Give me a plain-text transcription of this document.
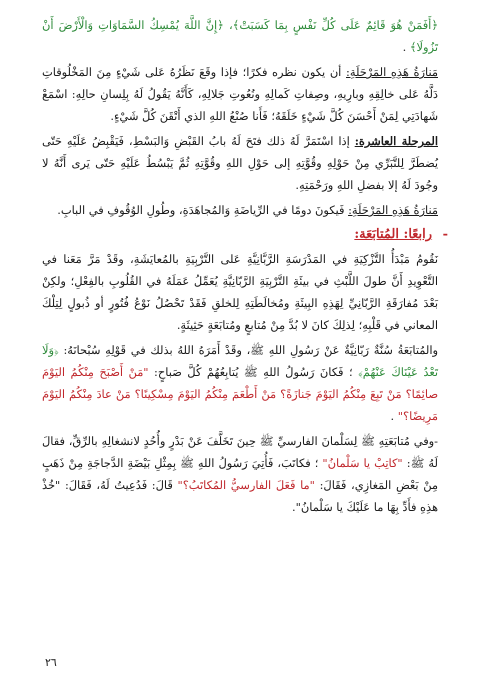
﴿أَفَمَنْ هُوَ قَائِمٌ عَلَى كُلِّ نَفْسٍ بِمَا كَسَبَتْ﴾، ﴿إِنَّ اللَّهَ يُمْسِكُ السَّمَاوَاتِ وَالْأَرْضَ أَنْ تَزُولَا﴾ .

مَنارَةُ هَذِهِ المَرْحَلَةِ: أن يكون نظره فكرًا؛ فإذا وقَعَ نَظَرُهُ عَلى شَيْءٍ مِنَ المَخْلُوقاتِ دَلَّهُ عَلى خالِقِهِ وبارِيهِ، وصِفاتِ كَمالِهِ ونُعُوتِ جَلالِهِ، كَأَنَّهُ يَقُولُ لَهُ بِلِسانِ حالِهِ: اسْمَعْ شَهادَتِي لِمَنْ أَحْسَنَ كُلَّ شَيْءٍ خَلَقَهُ؛ فَأَنا صُنْعُ اللهِ الذي أَتْقَنَ كُلَّ شَيْءٍ.

المرحلة العاشرة: إذا اسْتَمَرَّ لَهُ ذلك فتَحَ لَهُ بابُ القَبْضِ وَالبَسْطِ، فَيَقْبِضُ عَلَيْهِ حَتّى يُضطَرَّ لِلتَّبَرِّي مِنْ حَوْلِهِ وقُوَّتِهِ إلى حَوْلِ اللهِ وقُوَّتِهِ ثُمَّ يَبْسُطُ عَلَيْهِ حَتّى يَرى أَنَّهُ لا وجُودَ لَهُ إلا بفضلِ اللهِ ورَحْمَتِهِ.

مَنارَةُ هَذِهِ المَرْحَلَةِ: فَيكونَ دومًا في الرِّياضَةِ وَالمُجاهَدَةِ، وطُولِ الوُقُوفِ في البابِ.

- رابعًا: المُتابَعَة:

نَقُومُ مَبْدَأُ التَّزْكِيَةِ في المَدْرَسَةِ الرَّبَّانِيَّةِ عَلى التَّرْبِيَةِ بالمُعايَشَةِ، وقَدْ مَرَّ مَعَنا في التَّعْوِيدِ أَنَّ طولَ اللَّبْثِ في بيئَةِ التَّرْبِيَةِ الرَّبّانِيَّةِ يُعَمِّلُ عَمَلَهُ في القُلُوبِ بالفِعْلِ؛ ولكِنْ بَعْدَ مُفارَقَةِ الرَّبّانِيِّ لِهَذِهِ البِيئَةِ ومُخالَطَتِهِ لِلخلقِ فَقَدْ تَحْصُلُ نَوْعُ فُتُورٍ أو ذُبولٍ لِتِلْكَ المعاني في قَلْبِهِ؛ لِذلِكَ كانَ لا بُدَّ مِنْ مُتابعٍ ومُتابَعَةٍ حَثِيثَةٍ.

والمُتابَعَةُ سُنَّةٌ رَبّانِيَّةٌ عَنْ رَسُولِ اللهِ ﷺ، وقَدْ أَمَرَهُ اللهُ بذلك في قَوْلِهِ سُبْحانَهُ: ﴿وَلَا تَعْدُ عَيْنَاكَ عَنْهُمْ﴾ ؛ فَكانَ رَسُولُ اللهِ ﷺ يُتابِعُهُمْ كُلَّ صَباحٍ: "مَنْ أَصْبَحَ مِنْكُمُ اليَوْمَ صائِمًا؟ مَنْ تَبِعَ مِنْكُمُ اليَوْمَ جَنازَةً؟ مَنْ أَطْعَمَ مِنْكُمُ اليَوْمَ مِسْكِينًا؟ مَنْ عادَ مِنْكُمُ اليَوْمَ مَرِيضًا؟" .

-وفي مُتابَعَتِهِ ﷺ لِسَلْمانَ الفارسيِّ ﷺ حِينَ تَخَلَّفَ عَنْ بَدْرٍ وأُحُدٍ لانشغالِهِ بالرِّقِّ، فقالَ لَهُ ﷺ: "كاتِبْ يا سَلْمانُ" ؛ فكاتَبَ، فَأُتِيَ رَسُولُ اللهِ ﷺ بِمِثْلِ بَيْضَةِ الدَّجاجَةِ مِنْ ذَهَبٍ مِنْ بَعْضِ المَغازِي، فَقَالَ: "ما فَعَلَ الفارسيُّ المُكاتَبُ؟" قَالَ: فَدُعِيتُ لَهُ، فَقَالَ: "خُذْ هذِهِ فأَدِّ بِهَا ما عَلَيْكَ يا سَلْمانُ".

٢٦
